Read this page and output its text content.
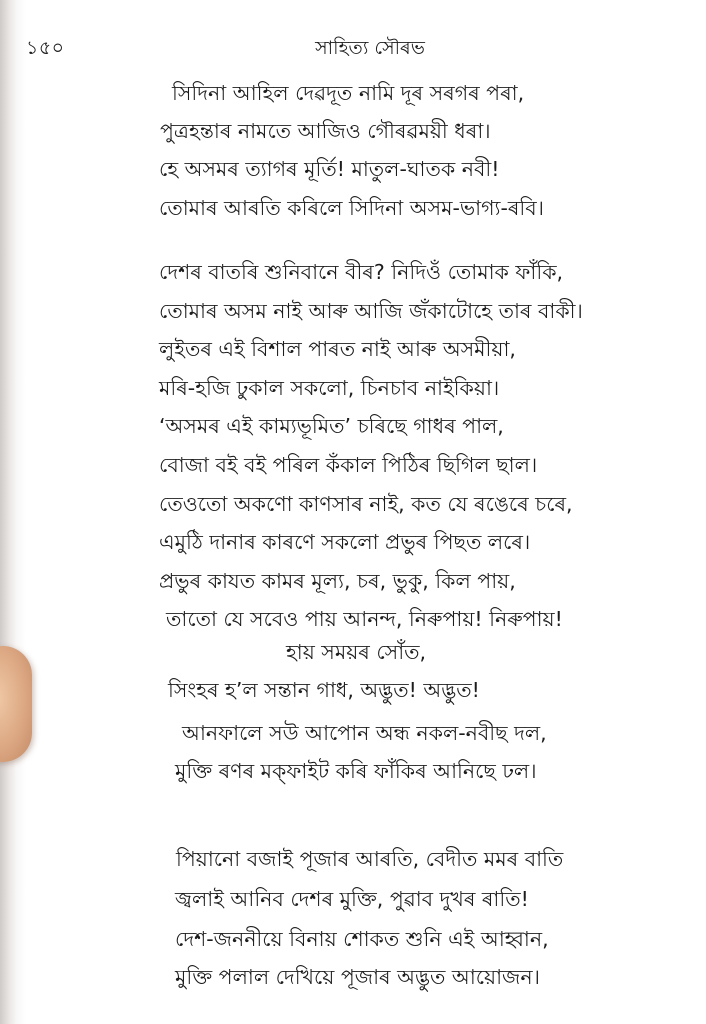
১৫০	সাহিত্য সৌৰভ
সিদিনা আহিল দেৱদূত নামি দূৰ সৰগৰ পৰা,
পুত্ৰহন্তাৰ নামতে আজিও গৌৰৱময়ী ধৰা।
হে অসমৰ ত্যাগৰ মূৰ্তি! মাতুল-ঘাতক নবী!
তোমাৰ আৰতি কৰিলে সিদিনা অসম-ভাগ্য-ৰবি।
দেশৰ বাতৰি শুনিবানে বীৰ? নিদিওঁ তোমাক ফাঁকি,
তোমাৰ অসম নাই আৰু আজি জঁকাটোহে তাৰ বাকী।
লুইতৰ এই বিশাল পাৰত নাই আৰু অসমীয়া,
মৰি-হজি ঢুকাল সকলো, চিনচাব নাইকিয়া।
‘অসমৰ এই কাম্যভূমিত’ চৰিছে গাধৰ পাল,
বোজা বই বই পৰিল কঁকাল পিঠিৰ ছিগিল ছাল।
তেওতো অকণো কাণসাৰ নাই, কত যে ৰঙেৰে চৰে,
এমুঠি দানাৰ কাৰণে সকলো প্ৰভুৰ পিছত লৰে।
প্ৰভুৰ কাযত কামৰ মূল্য, চৰ, ভুকু, কিল পায়,
তাতো যে সবেও পায় আনন্দ, নিৰুপায়! নিৰুপায়!
হায় সময়ৰ সোঁত,
সিংহৰ হ’ল সন্তান গাধ, অদ্ভুত! অদ্ভুত!
আনফালে সউ আপোন অন্ধ নকল-নবীছ দল,
মুক্তি ৰণৰ মক্‌ফাইট কৰি ফাঁকিৰ আনিছে ঢল।
পিয়ানো বজাই পূজাৰ আৰতি, বেদীত মমৰ বাতি
জ্বলাই আনিব দেশৰ মুক্তি, পুৱাব দুখৰ ৰাতি!
দেশ-জননীয়ে বিনায় শোকত শুনি এই আহ্বান,
মুক্তি পলাল দেখিয়ে পূজাৰ অদ্ভুত আয়োজন।
